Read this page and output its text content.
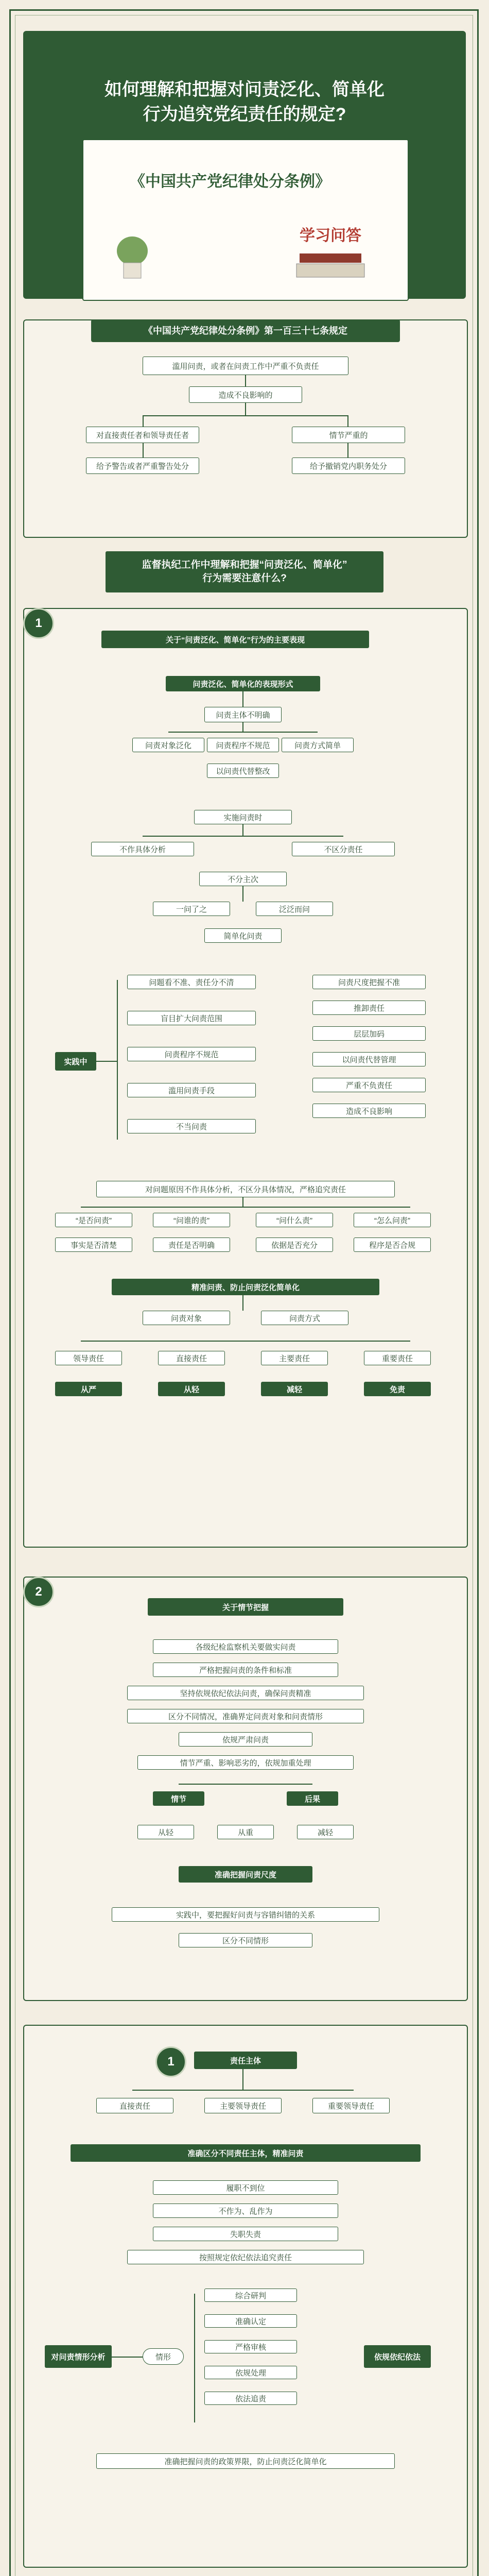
如何理解和把握对问责泛化、简单化
行为追究党纪责任的规定?
《中国共产党纪律处分条例》
学习问答
《中国共产党纪律处分条例》第一百三十七条规定
滥用问责，或者在问责工作中严重不负责任
造成不良影响的
对直接责任者和领导责任者	情节严重的
给予警告或者严重警告处分	给予撤销党内职务处分
监督执纪工作中理解和把握“问责泛化、简单化”
行为需要注意什么?
1
关于“问责泛化、简单化”行为的主要表现
问责泛化、简单化的表现形式
问责主体不明确
问责对象泛化	问责程序不规范	问责方式简单
以问责代替整改
实施问责时
不作具体分析	不区分责任
不分主次
一问了之	泛泛而问
简单化问责
实践中
问题看不准、责任分不清
盲目扩大问责范围
问责程序不规范
滥用问责手段
不当问责
问责尺度把握不准
推卸责任
层层加码
以问责代替管理
严重不负责任
造成不良影响
对问题原因不作具体分析，不区分具体情况，严格追究责任
“是否问责”	“问谁的责”	“问什么责”	“怎么问责”
事实是否清楚	责任是否明确	依据是否充分	程序是否合规
精准问责、防止问责泛化简单化
问责对象	问责方式
领导责任	直接责任	主要责任	重要责任
从严	从轻	减轻	免责
2
关于情节把握
各级纪检监察机关要做实问责
严格把握问责的条件和标准
坚持依规依纪依法问责，确保问责精准
区分不同情况，准确界定问责对象和问责情形
依规严肃问责
情节严重、影响恶劣的，依规加重处理
情节	后果
从轻	从重	减轻
准确把握问责尺度
实践中，要把握好问责与容错纠错的关系
区分不同情形
1	责任主体
直接责任	主要领导责任	重要领导责任
准确区分不同责任主体，精准问责
履职不到位
不作为、乱作为
失职失责
按照规定依纪依法追究责任
对问责情形分析	情形
综合研判
准确认定
严格审核
依规处理
依法追责
依规依纪依法
准确把握问责的政策界限，防止问责泛化简单化
